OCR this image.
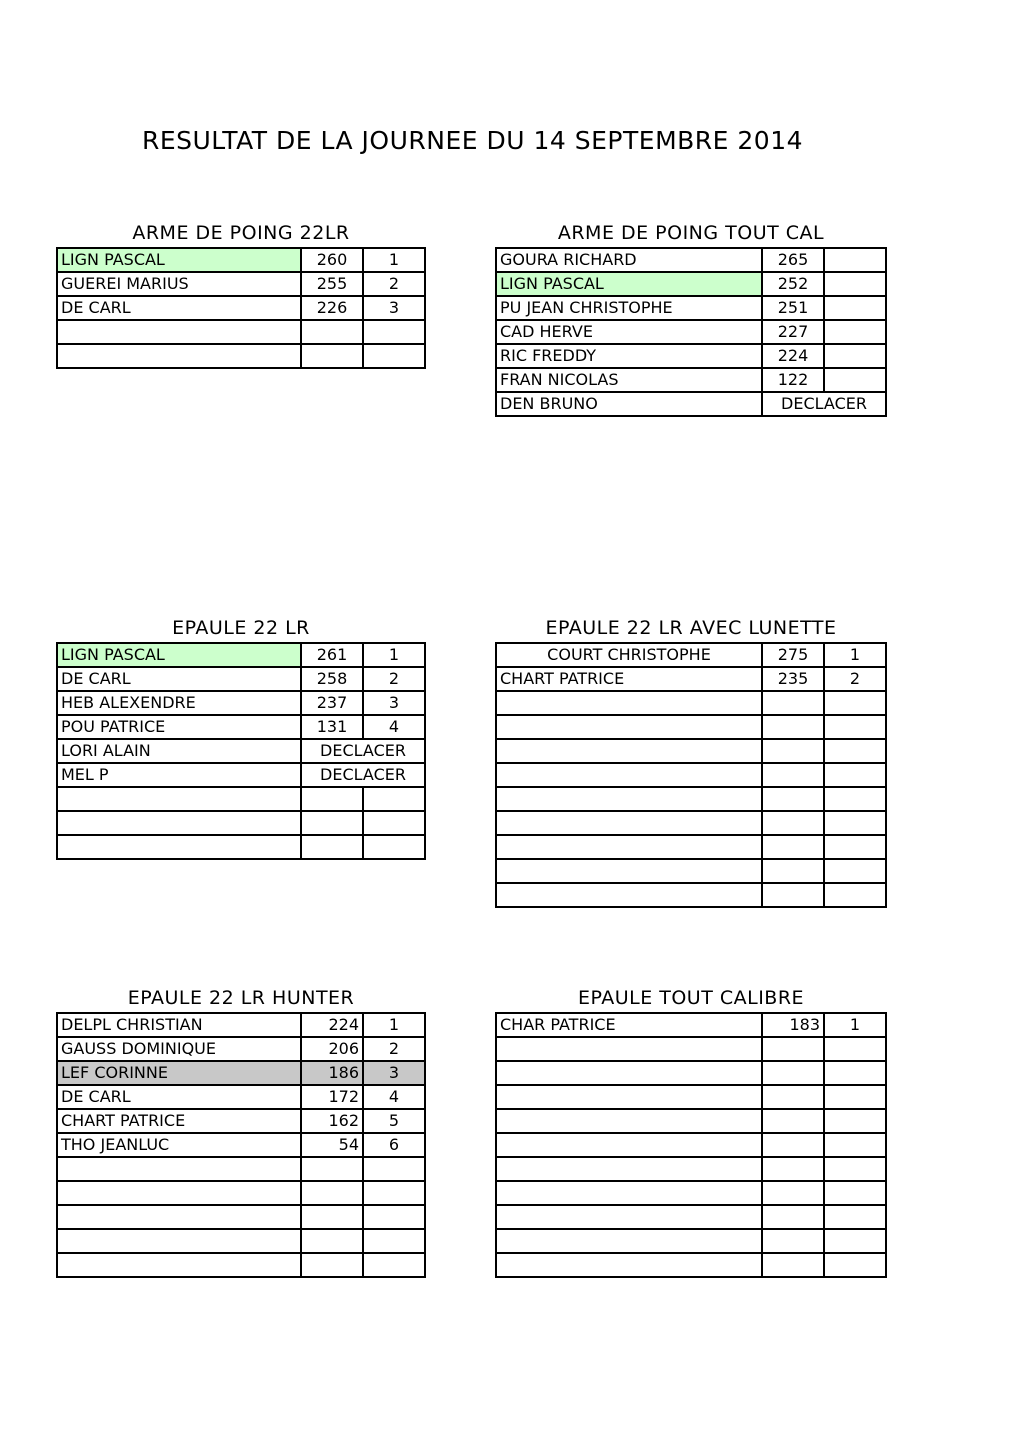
RESULTAT DE LA JOURNEE DU 14 SEPTEMBRE 2014
ARME DE POING 22LR
LIGN PASCAL	260	1
GUEREI MARIUS	255	2
DE CARL	226	3

ARME DE POING TOUT CAL
GOURA RICHARD	265	
LIGN PASCAL	252	
PU JEAN CHRISTOPHE	251	
CAD HERVE	227	
RIC FREDDY	224	
FRAN NICOLAS	122	
DEN BRUNO	DECLACER	
EPAULE 22 LR
LIGN PASCAL	261	1
DE CARL	258	2
HEB ALEXENDRE	237	3
POU PATRICE	131	4
LORI ALAIN	DECLACER	
MEL P	DECLACER	

EPAULE 22 LR AVEC LUNETTE
COURT CHRISTOPHE	275	1
CHART PATRICE	235	2

EPAULE 22 LR HUNTER
DELPL CHRISTIAN	224	1
GAUSS DOMINIQUE	206	2
LEF CORINNE	186	3
DE CARL	172	4
CHART PATRICE	162	5
THO JEANLUC	54	6

EPAULE TOUT CALIBRE
CHAR PATRICE	183	1
